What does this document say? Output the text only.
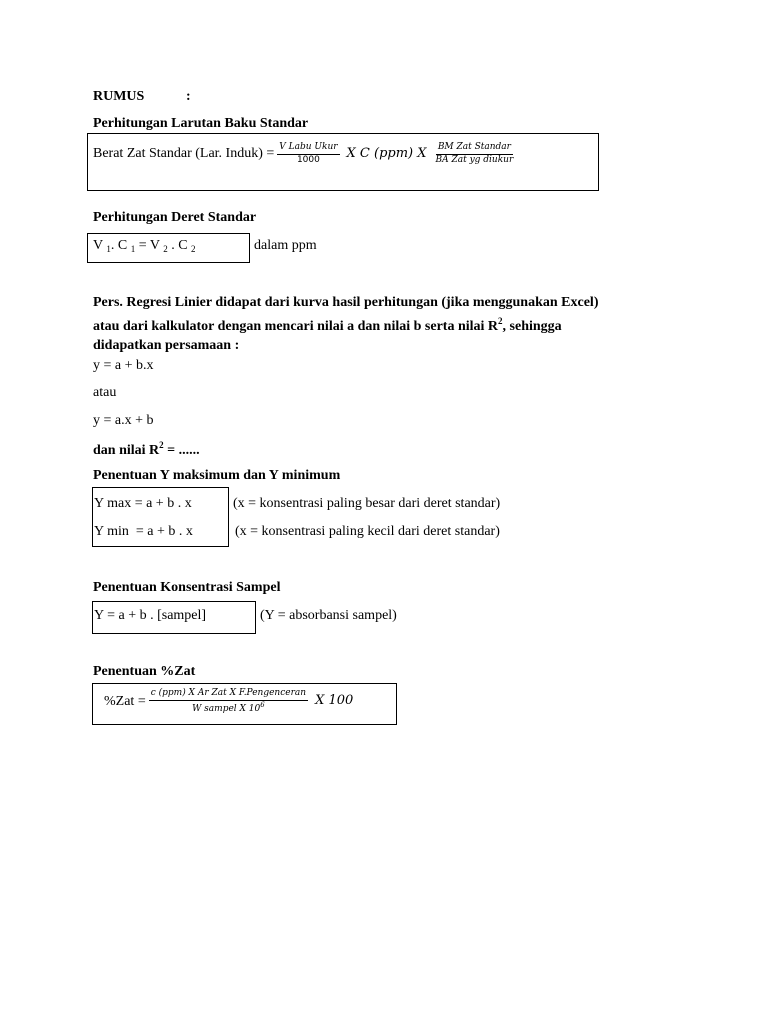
RUMUS	:
Perhitungan Larutan Baku Standar
Berat Zat Standar (Lar. Induk) = $\frac{\text{V Labu Ukur}}{1000}$ X C (ppm) X $\frac{\text{BM Zat Standar}}{\text{BA Zat yg diukur}}$
Perhitungan Deret Standar
V $_1$. C $_1$ = V $_2$ . C $_2$	dalam ppm
Pers. Regresi Linier didapat dari kurva hasil perhitungan (jika menggunakan Excel)
atau dari kalkulator dengan mencari nilai a dan nilai b serta nilai $R^2$, sehingga
didapatkan persamaan :
y = a + b.x
atau
y = a.x + b
dan nilai $R^2$ = ......
Penentuan Y maksimum dan Y minimum
Y max = a + b . x	(x = konsentrasi paling besar dari deret standar)
Y min  = a + b . x	(x = konsentrasi paling kecil dari deret standar)
Penentuan Konsentrasi Sampel
Y = a + b . [sampel]	(Y = absorbansi sampel)
Penentuan %Zat
$\%Zat = \frac{\text{c (ppm) X Ar Zat X F.Pengenceran}}{W sampel X 10^6}$ X 100
